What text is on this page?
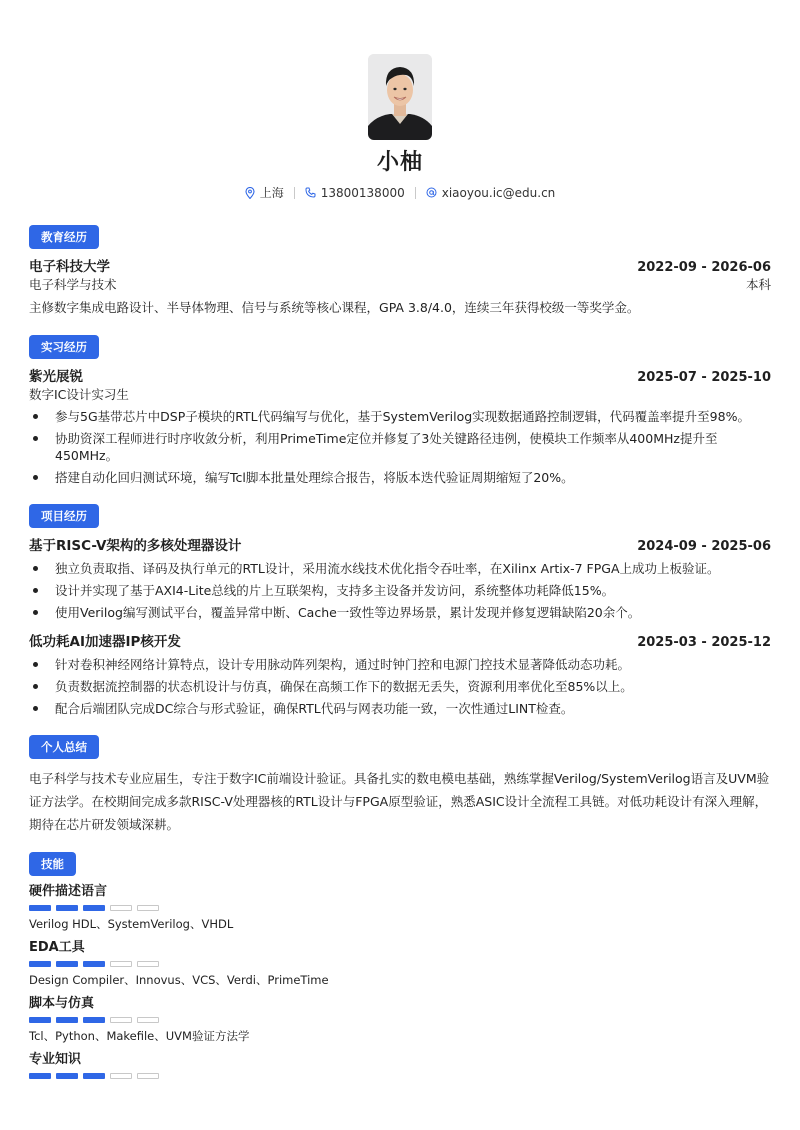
小柚
上海	13800138000	xiaoyou.ic@edu.cn
教育经历
电子科技大学	2022-09 - 2026-06
电子科学与技术	本科
主修数字集成电路设计、半导体物理、信号与系统等核心课程，GPA 3.8/4.0，连续三年获得校级一等奖学金。
实习经历
紫光展锐	2025-07 - 2025-10
数字IC设计实习生
参与5G基带芯片中DSP子模块的RTL代码编写与优化，基于SystemVerilog实现数据通路控制逻辑，代码覆盖率提升至98%。
协助资深工程师进行时序收敛分析，利用PrimeTime定位并修复了3处关键路径违例，使模块工作频率从400MHz提升至450MHz。
搭建自动化回归测试环境，编写Tcl脚本批量处理综合报告，将版本迭代验证周期缩短了20%。
项目经历
基于RISC-V架构的多核处理器设计	2024-09 - 2025-06
独立负责取指、译码及执行单元的RTL设计，采用流水线技术优化指令吞吐率，在Xilinx Artix-7 FPGA上成功上板验证。
设计并实现了基于AXI4-Lite总线的片上互联架构，支持多主设备并发访问，系统整体功耗降低15%。
使用Verilog编写测试平台，覆盖异常中断、Cache一致性等边界场景，累计发现并修复逻辑缺陷20余个。
低功耗AI加速器IP核开发	2025-03 - 2025-12
针对卷积神经网络计算特点，设计专用脉动阵列架构，通过时钟门控和电源门控技术显著降低动态功耗。
负责数据流控制器的状态机设计与仿真，确保在高频工作下的数据无丢失，资源利用率优化至85%以上。
配合后端团队完成DC综合与形式验证，确保RTL代码与网表功能一致，一次性通过LINT检查。
个人总结
电子科学与技术专业应届生，专注于数字IC前端设计验证。具备扎实的数电模电基础，熟练掌握Verilog/SystemVerilog语言及UVM验证方法学。在校期间完成多款RISC-V处理器核的RTL设计与FPGA原型验证，熟悉ASIC设计全流程工具链。对低功耗设计有深入理解，期待在芯片研发领域深耕。
技能
硬件描述语言
Verilog HDL、SystemVerilog、VHDL
EDA工具
Design Compiler、Innovus、VCS、Verdi、PrimeTime
脚本与仿真
Tcl、Python、Makefile、UVM验证方法学
专业知识
